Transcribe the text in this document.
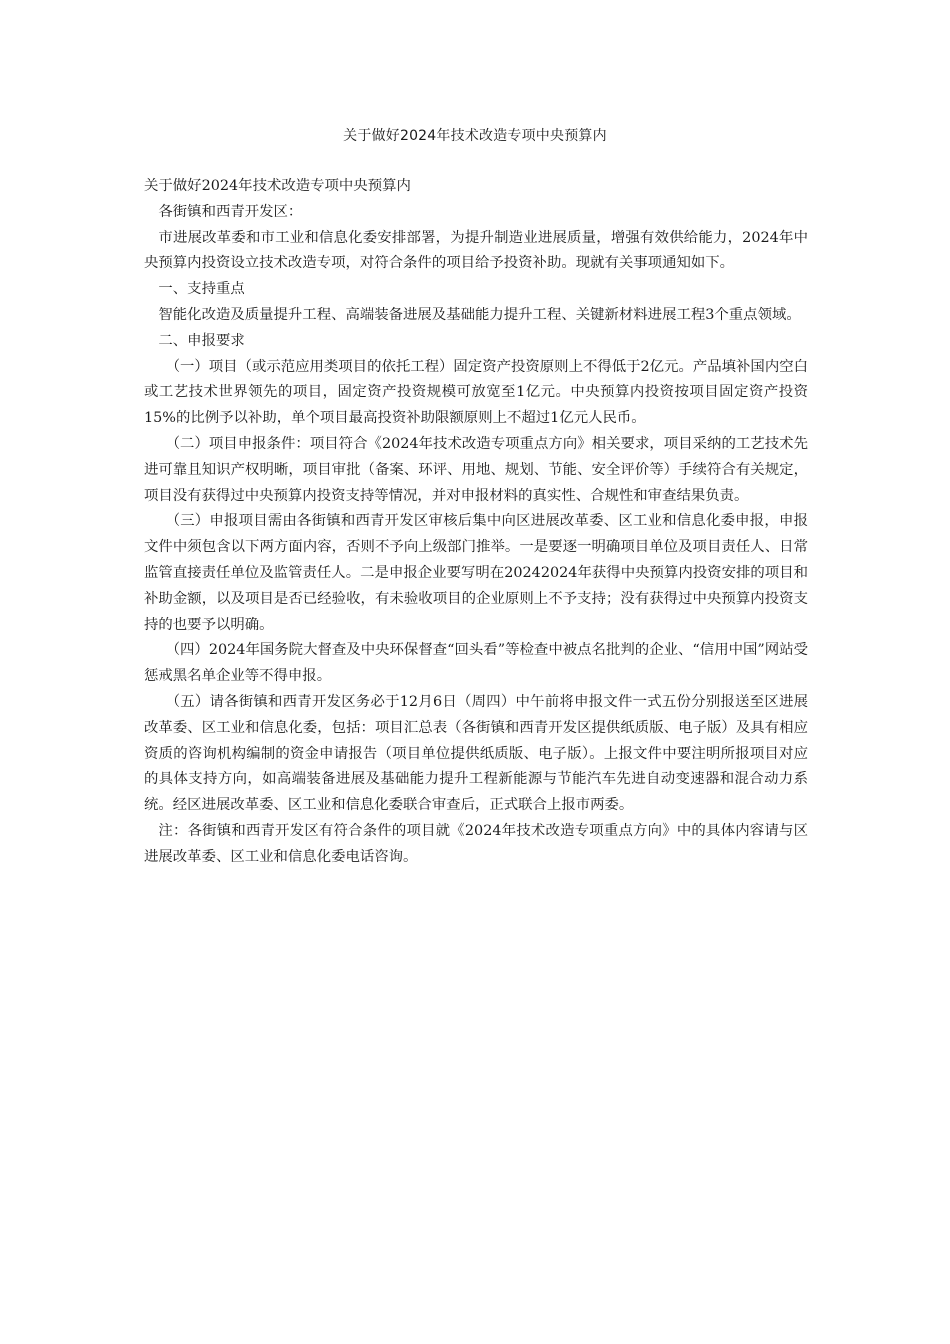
关于做好2024年技术改造专项中央预算内

关于做好2024年技术改造专项中央预算内

各街镇和西青开发区：

市进展改革委和市工业和信息化委安排部署，为提升制造业进展质量，增强有效供给能力，2024年中央预算内投资设立技术改造专项，对符合条件的项目给予投资补助。现就有关事项通知如下。

一、支持重点

智能化改造及质量提升工程、高端装备进展及基础能力提升工程、关键新材料进展工程3个重点领域。

二、申报要求

（一）项目（或示范应用类项目的依托工程）固定资产投资原则上不得低于2亿元。产品填补国内空白或工艺技术世界领先的项目，固定资产投资规模可放宽至1亿元。中央预算内投资按项目固定资产投资15%的比例予以补助，单个项目最高投资补助限额原则上不超过1亿元人民币。

（二）项目申报条件：项目符合《2024年技术改造专项重点方向》相关要求，项目采纳的工艺技术先进可靠且知识产权明晰，项目审批（备案、环评、用地、规划、节能、安全评价等）手续符合有关规定，项目没有获得过中央预算内投资支持等情况，并对申报材料的真实性、合规性和审查结果负责。

（三）申报项目需由各街镇和西青开发区审核后集中向区进展改革委、区工业和信息化委申报，申报文件中须包含以下两方面内容，否则不予向上级部门推举。一是要逐一明确项目单位及项目责任人、日常监管直接责任单位及监管责任人。二是申报企业要写明在20242024年获得中央预算内投资安排的项目和补助金额，以及项目是否已经验收，有未验收项目的企业原则上不予支持；没有获得过中央预算内投资支持的也要予以明确。

（四）2024年国务院大督查及中央环保督查“回头看”等检查中被点名批判的企业、“信用中国”网站受惩戒黑名单企业等不得申报。

（五）请各街镇和西青开发区务必于12月6日（周四）中午前将申报文件一式五份分别报送至区进展改革委、区工业和信息化委，包括：项目汇总表（各街镇和西青开发区提供纸质版、电子版）及具有相应资质的咨询机构编制的资金申请报告（项目单位提供纸质版、电子版）。上报文件中要注明所报项目对应的具体支持方向，如高端装备进展及基础能力提升工程新能源与节能汽车先进自动变速器和混合动力系统。经区进展改革委、区工业和信息化委联合审查后，正式联合上报市两委。

注：各街镇和西青开发区有符合条件的项目就《2024年技术改造专项重点方向》中的具体内容请与区进展改革委、区工业和信息化委电话咨询。
